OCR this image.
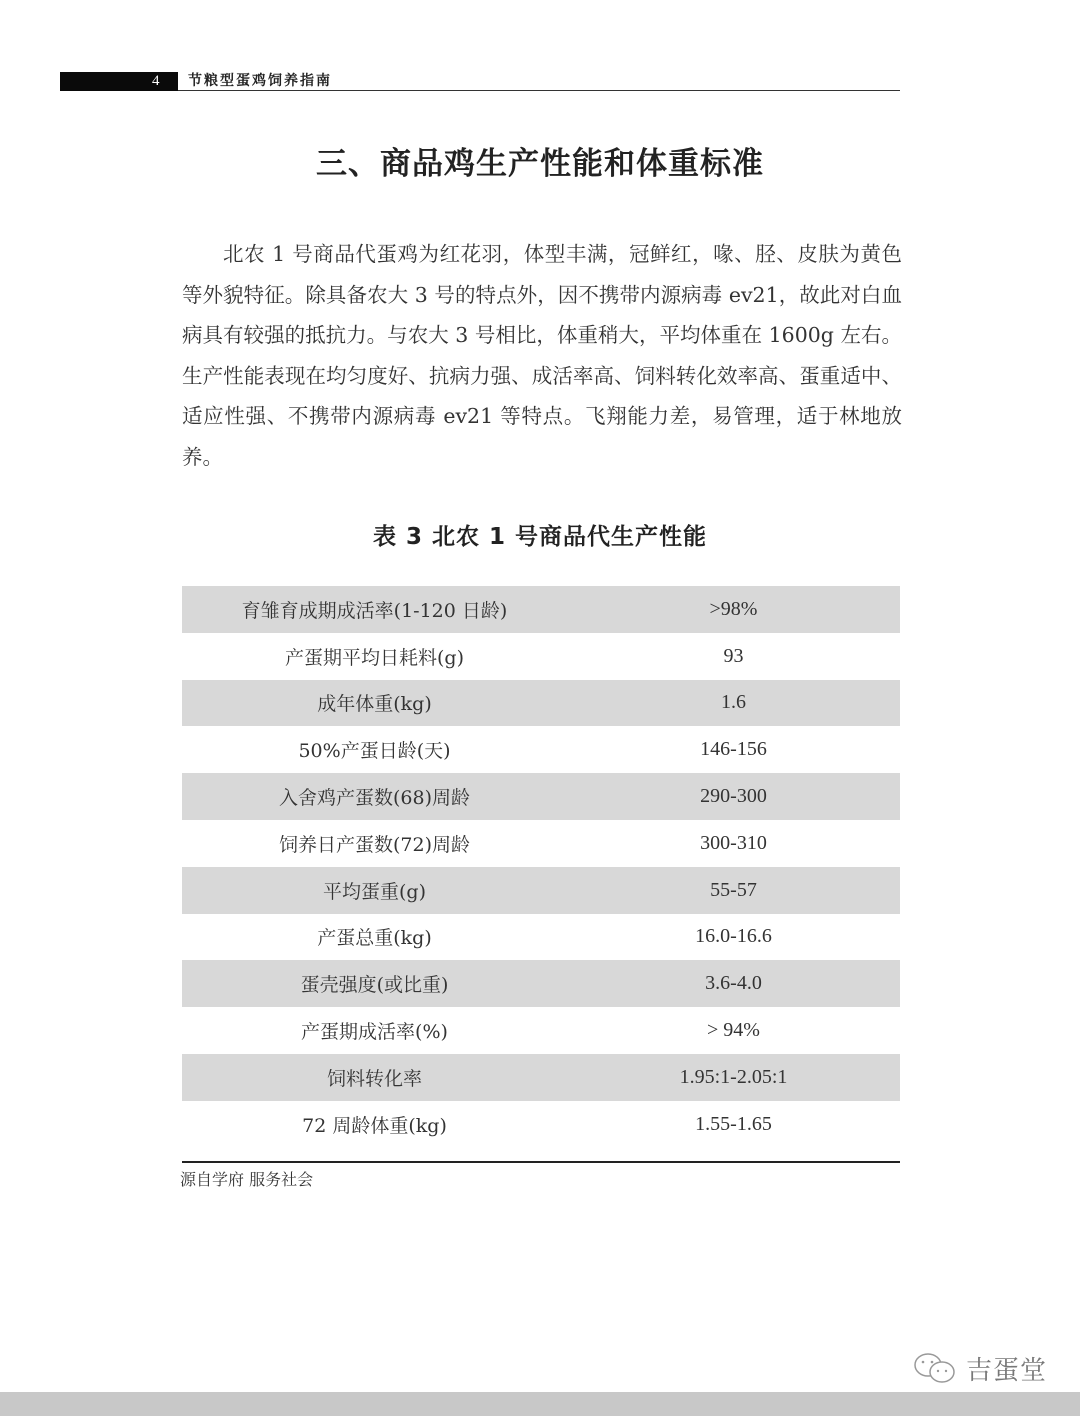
4 节粮型蛋鸡饲养指南
三、商品鸡生产性能和体重标准

北农 1 号商品代蛋鸡为红花羽，体型丰满，冠鲜红，喙、胫、皮肤为黄色等外貌特征。除具备农大 3 号的特点外，因不携带内源病毒 ev21，故此对白血病具有较强的抵抗力。与农大 3 号相比，体重稍大，平均体重在 1600g 左右。生产性能表现在均匀度好、抗病力强、成活率高、饲料转化效率高、蛋重适中、适应性强、不携带内源病毒 ev21 等特点。飞翔能力差，易管理，适于林地放养。

表 3 北农 1 号商品代生产性能
育雏育成期成活率(1-120 日龄)	>98%
产蛋期平均日耗料(g)	93
成年体重(kg)	1.6
50%产蛋日龄(天)	146-156
入舍鸡产蛋数(68)周龄	290-300
饲养日产蛋数(72)周龄	300-310
平均蛋重(g)	55-57
产蛋总重(kg)	16.0-16.6
蛋壳强度(或比重)	3.6-4.0
产蛋期成活率(%)	> 94%
饲料转化率	1.95:1-2.05:1
72 周龄体重(kg)	1.55-1.65
源自学府 服务社会
吉蛋堂
